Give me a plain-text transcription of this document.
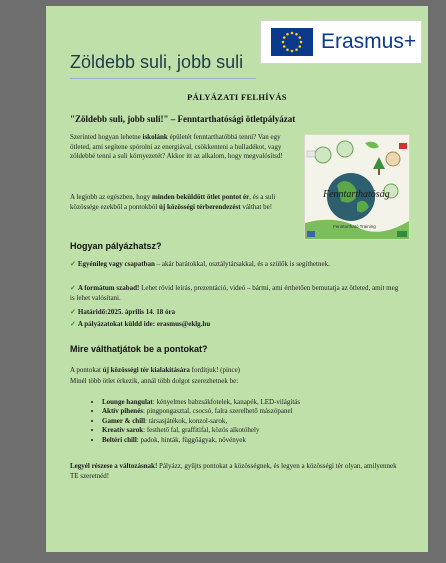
Zöldebb suli, jobb suli
Erasmus+
PÁLYÁZATI FELHÍVÁS
"Zöldebb suli, jobb suli!" – Fenntarthatósági ötletpályázat
Szerinted hogyan lehetne iskolánk épületét fenntarthatóbbá tenni? Van egy ötleted, ami segítene spórolni az energiával, csökkenteni a hulladékot, vagy zöldebbé tenni a suli környezetét? Akkor itt az alkalom, hogy megvalósítsd!
A legjobb az egészben, hogy minden beküldött ötlet pontot ér, és a suli közössége ezekből a pontokból új közösségi térberendezést válthat be!
Fenntarthatóság
Fenntartható Training
Hogyan pályázhatsz?
✓ Egyénileg vagy csapatban – akár barátokkal, osztálytársakkal, és a szülők is segíthetnek.
✓ A formátum szabad! Lehet rövid leírás, prezentáció, videó – bármi, ami érthetően bemutatja az ötleted, amit meg is lehet valósítani.
✓ Határidő:2025. április 14. 18 óra
✓ A pályázatokat küldd ide: erasmus@eklg.hu
Mire válthatjátok be a pontokat?
A pontokat új közösségi tér kialakítására fordítjuk! (pince)
Minél több ötlet érkezik, annál több dolgot szerezhetnek be:
• Lounge hangulat: kényelmes babzsákfotelek, kanapék, LED-világítás
• Aktív pihenés: pingpongasztal, csocsó, falra szerelhető mászópanel
• Gamer & chill: társasjátékok, konzol-sarok,
• Kreatív sarok: festhető fal, graffitifal, közös alkotóhely
• Beltéri chill: padok, hinták, függőágyak, növények
Legyél részese a változásnak! Pályázz, gyűjts pontokat a közösségnek, és legyen a közösségi tér olyan, amilyennek TE szeretnéd!
